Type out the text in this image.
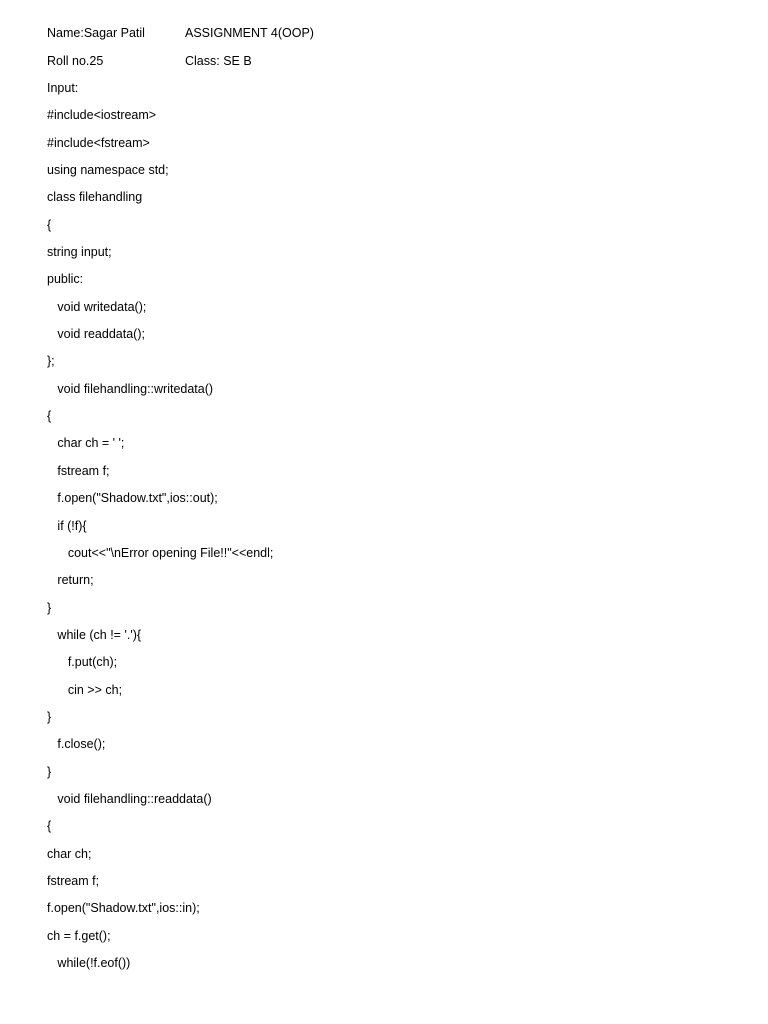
Name:Sagar Patil	ASSIGNMENT 4(OOP)
Roll no.25	Class: SE B
Input:
#include<iostream>
#include<fstream>
using namespace std;
class filehandling
{
string input;
public:
void writedata();
void readdata();
};
void filehandling::writedata()
{
char ch = ' ';
fstream f;
f.open("Shadow.txt",ios::out);
if (!f){
cout<<"\nError opening File!!"<<endl;
return;
}
while (ch != '.'){
f.put(ch);
cin >> ch;
}
f.close();
}
void filehandling::readdata()
{
char ch;
fstream f;
f.open("Shadow.txt",ios::in);
ch = f.get();
while(!f.eof())
